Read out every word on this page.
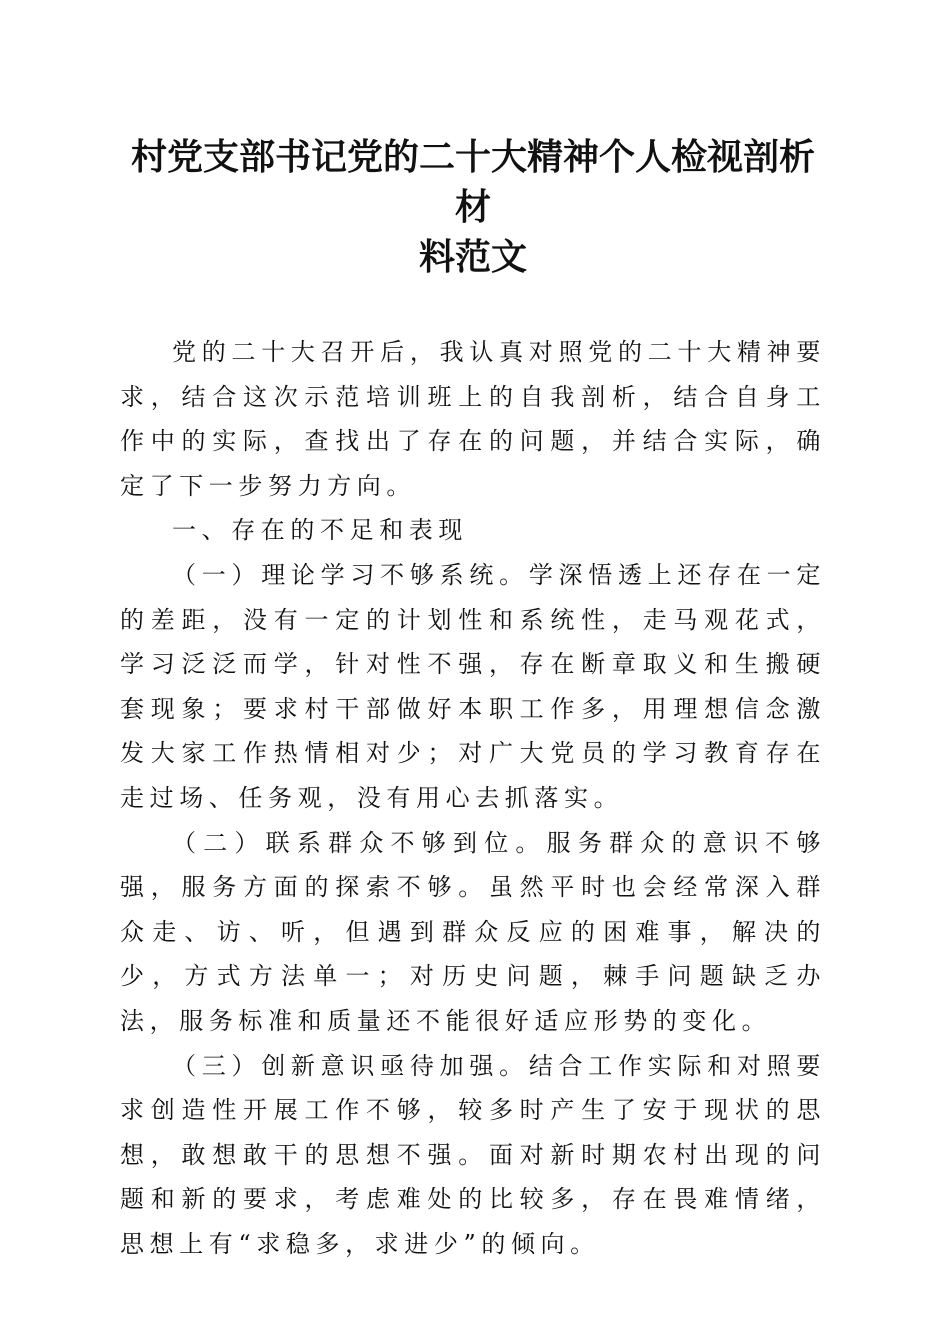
村党支部书记党的二十大精神个人检视剖析材
料范文

党的二十大召开后，我认真对照党的二十大精神要求，结合这次示范培训班上的自我剖析，结合自身工作中的实际，查找出了存在的问题，并结合实际，确定了下一步努力方向。

一、存在的不足和表现

（一）理论学习不够系统。学深悟透上还存在一定的差距，没有一定的计划性和系统性，走马观花式，学习泛泛而学，针对性不强，存在断章取义和生搬硬套现象；要求村干部做好本职工作多，用理想信念激发大家工作热情相对少；对广大党员的学习教育存在走过场、任务观，没有用心去抓落实。

（二）联系群众不够到位。服务群众的意识不够强，服务方面的探索不够。虽然平时也会经常深入群众走、访、听，但遇到群众反应的困难事，解决的少，方式方法单一；对历史问题，棘手问题缺乏办法，服务标准和质量还不能很好适应形势的变化。

（三）创新意识亟待加强。结合工作实际和对照要求创造性开展工作不够，较多时产生了安于现状的思想，敢想敢干的思想不强。面对新时期农村出现的问题和新的要求，考虑难处的比较多，存在畏难情绪，思想上有“求稳多，求进少”的倾向。
